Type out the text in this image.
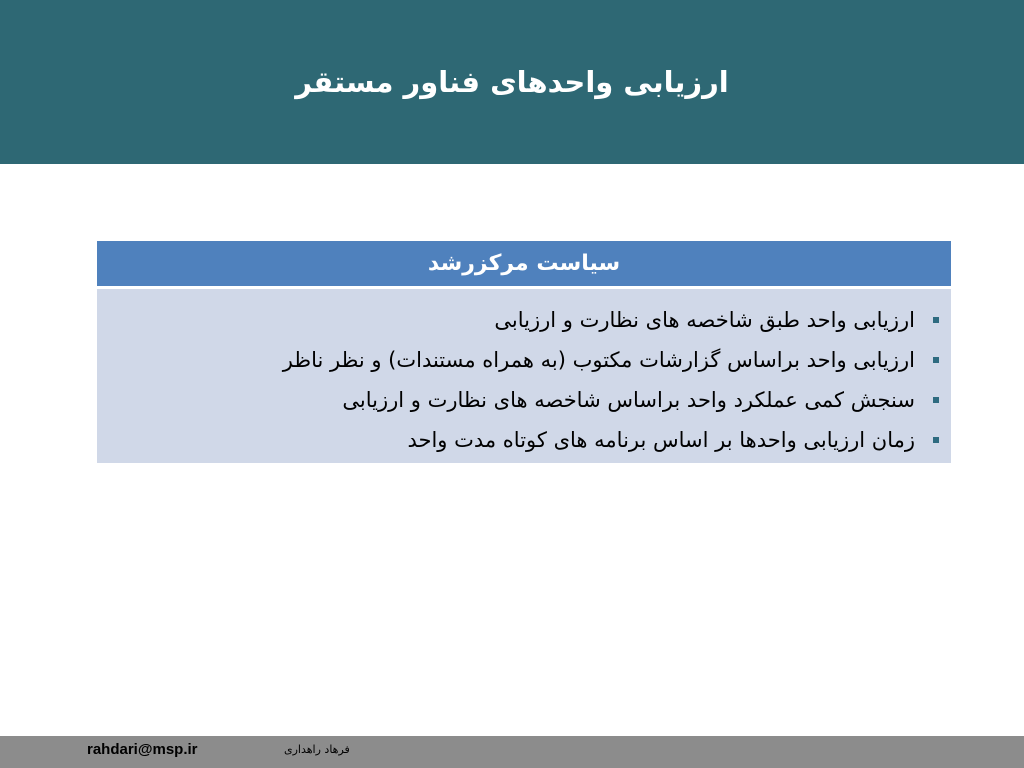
ارزیابی واحدهای فناور مستقر
سیاست مرکزرشد
ارزیابی واحد طبق شاخصه های نظارت و ارزیابی
ارزیابی واحد براساس گزارشات مکتوب (به همراه مستندات) و نظر ناظر
سنجش کمی عملکرد واحد براساس شاخصه های نظارت و ارزیابی
زمان ارزیابی واحدها بر اساس برنامه های کوتاه مدت واحد
rahdari@msp.ir	فرهاد راهداری
